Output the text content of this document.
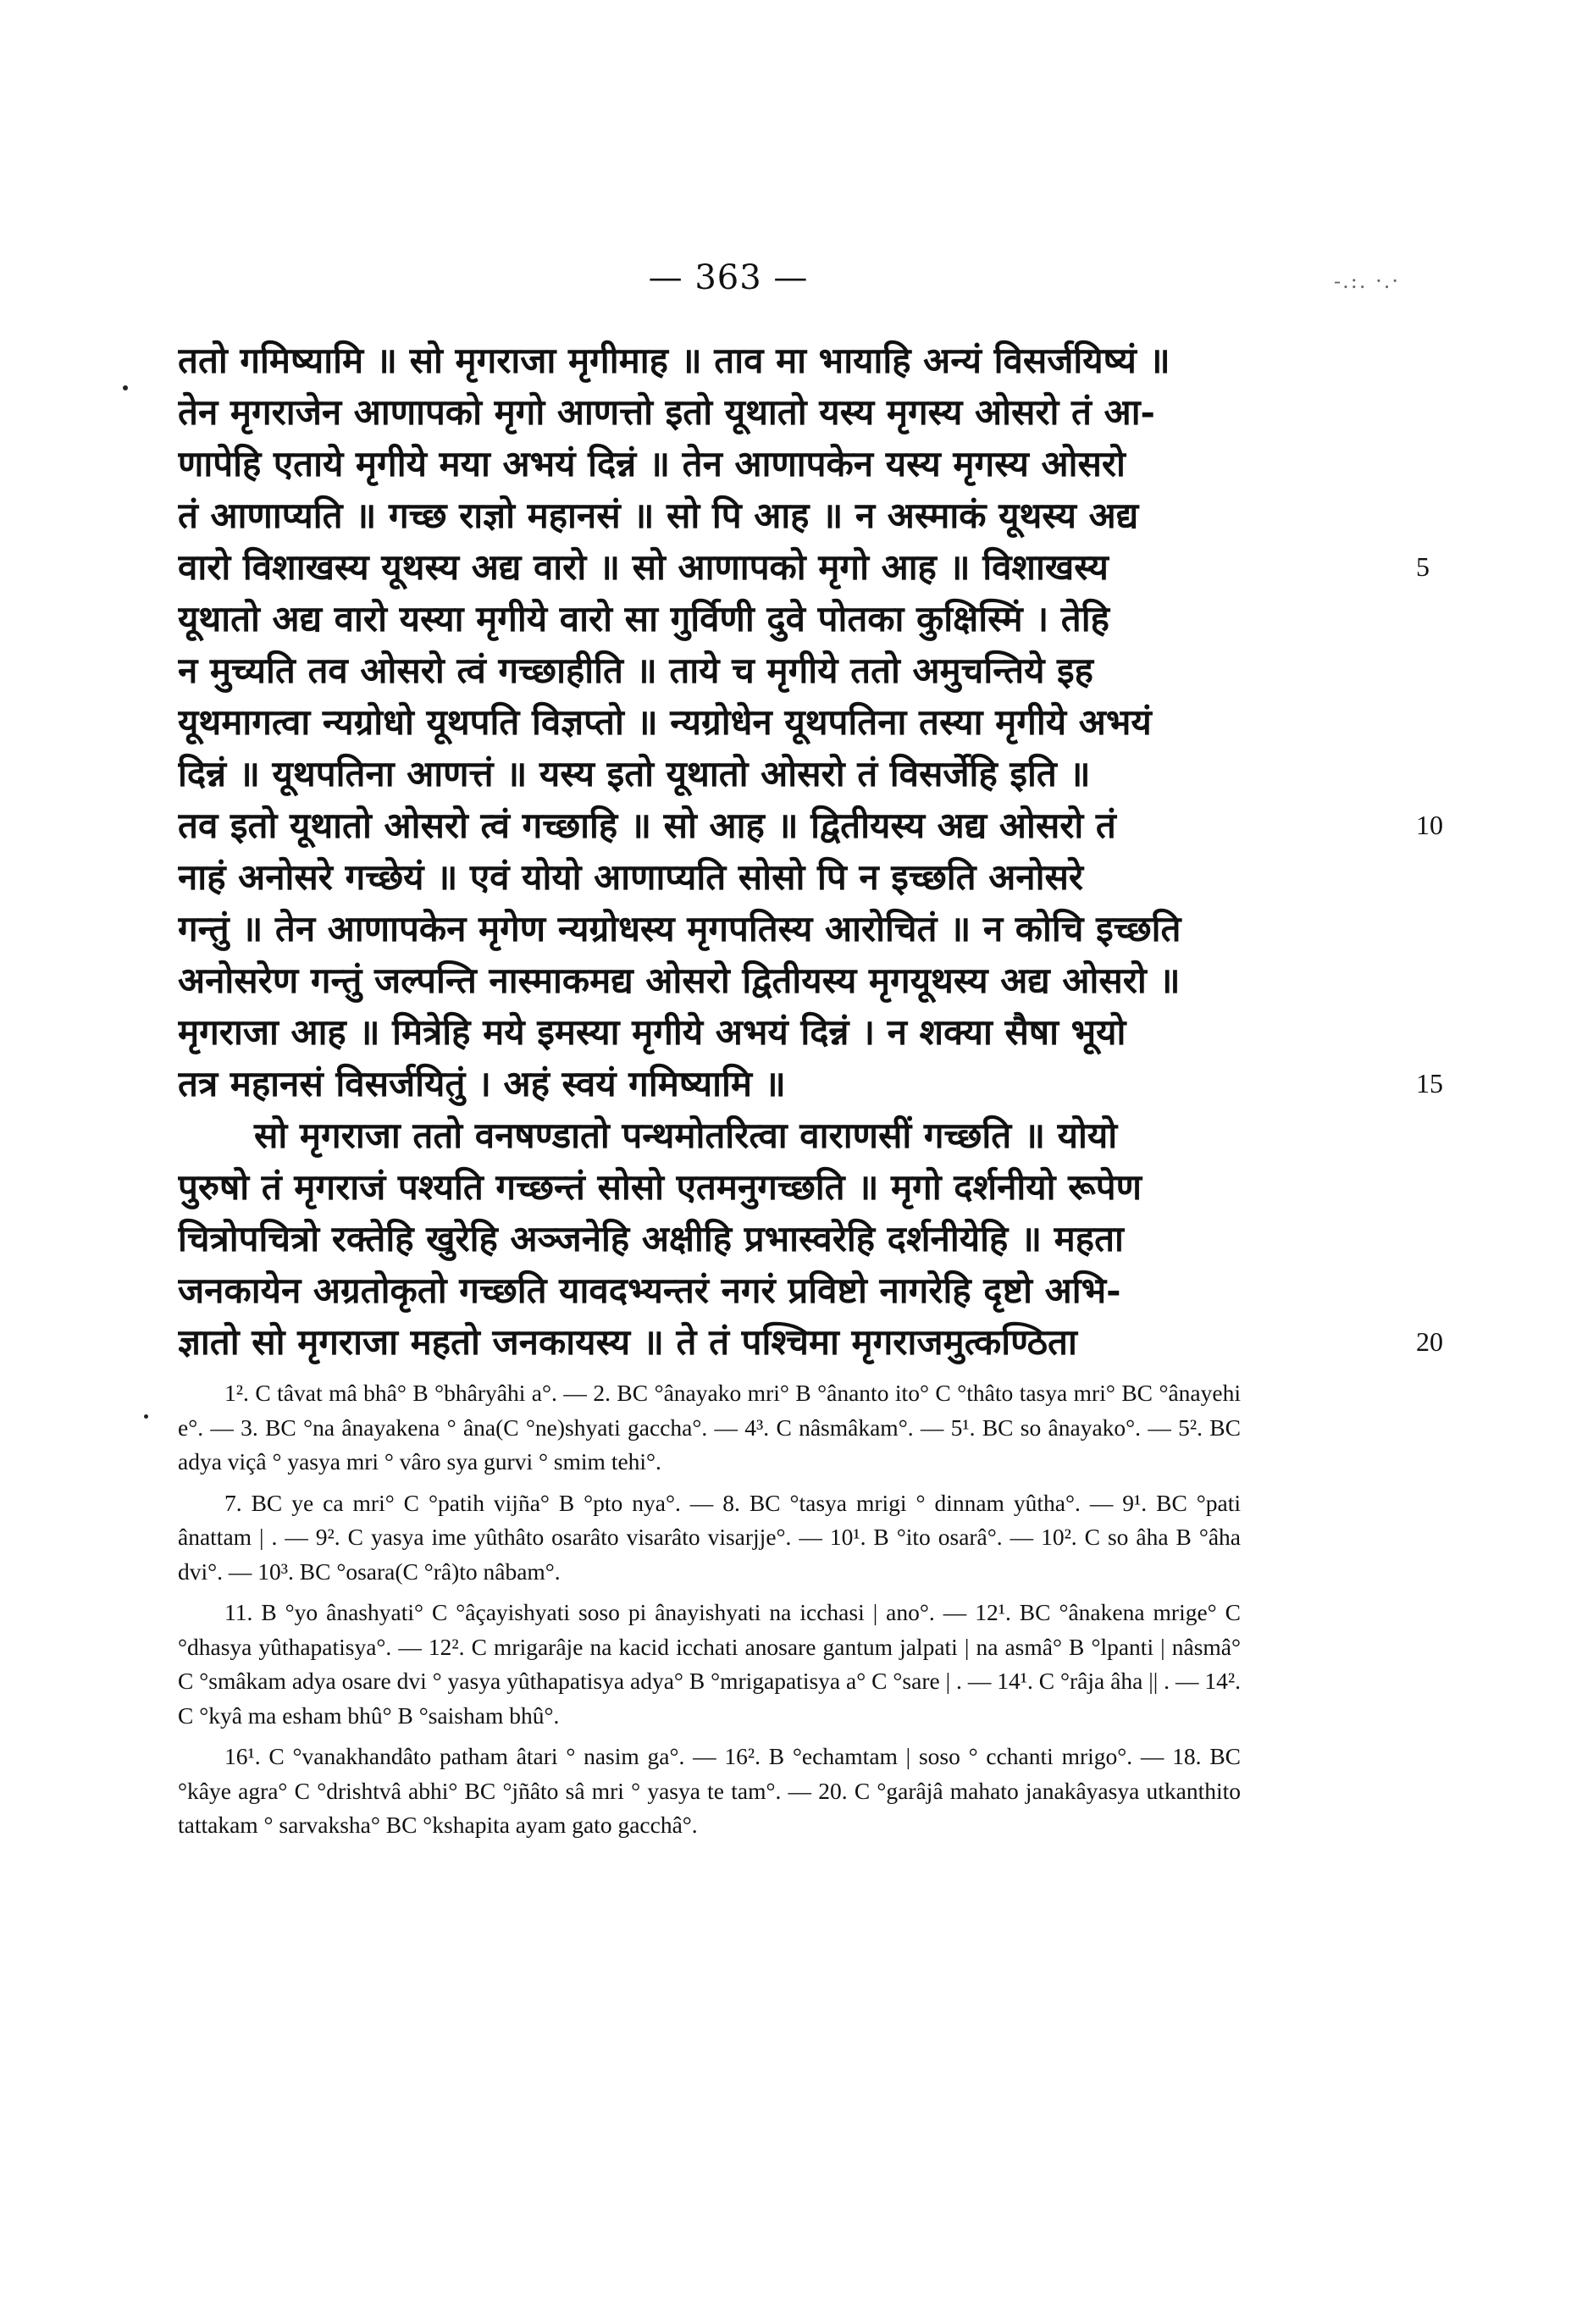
-.:. ·.·
— 363 —
ततो गमिष्यामि ॥ सो मृगराजा मृगीमाह ॥ ताव मा भायाहि अन्यं विसर्जयिष्यं ॥
तेन मृगराजेन आणापको मृगो आणत्तो इतो यूथातो यस्य मृगस्य ओसरो तं आ-
णापेहि एताये मृगीये मया अभयं दिन्नं ॥ तेन आणापकेन यस्य मृगस्य ओसरो
तं आणाप्यति ॥ गच्छ राज्ञो महानसं ॥ सो पि आह ॥ न अस्माकं यूथस्य अद्य
वारो विशाखस्य यूथस्य अद्य वारो ॥ सो आणापको मृगो आह ॥ विशाखस्य
यूथातो अद्य वारो यस्या मृगीये वारो सा गुर्विणी दुवे पोतका कुक्षिस्मिं । तेहि
न मुच्यति तव ओसरो त्वं गच्छाहीति ॥ ताये च मृगीये ततो अमुचन्तिये इह
यूथमागत्वा न्यग्रोधो यूथपति विज्ञप्तो ॥ न्यग्रोधेन यूथपतिना तस्या मृगीये अभयं
दिन्नं ॥ यूथपतिना आणत्तं ॥ यस्य इतो यूथातो ओसरो तं विसर्जेहि इति ॥
तव इतो यूथातो ओसरो त्वं गच्छाहि ॥ सो आह ॥ द्वितीयस्य अद्य ओसरो तं
नाहं अनोसरे गच्छेयं ॥ एवं योयो आणाप्यति सोसो पि न इच्छति अनोसरे
गन्तुं ॥ तेन आणापकेन मृगेण न्यग्रोधस्य मृगपतिस्य आरोचितं ॥ न कोचि इच्छति
अनोसरेण गन्तुं जल्पन्ति नास्माकमद्य ओसरो द्वितीयस्य मृगयूथस्य अद्य ओसरो ॥
मृगराजा आह ॥ मित्रेहि मये इमस्या मृगीये अभयं दिन्नं । न शक्या सैषा भूयो
तत्र महानसं विसर्जयितुं । अहं स्वयं गमिष्यामि ॥
सो मृगराजा ततो वनषण्डातो पन्थमोतरित्वा वाराणसीं गच्छति ॥ योयो
पुरुषो तं मृगराजं पश्यति गच्छन्तं सोसो एतमनुगच्छति ॥ मृगो दर्शनीयो रूपेण
चित्रोपचित्रो रक्तेहि खुरेहि अञ्जनेहि अक्षीहि प्रभास्वरेहि दर्शनीयेहि ॥ महता
जनकायेन अग्रतोकृतो गच्छति यावदभ्यन्तरं नगरं प्रविष्टो नागरेहि दृष्टो अभि-
ज्ञातो सो मृगराजा महतो जनकायस्य ॥ ते तं पश्चिमा मृगराजमुत्कण्ठिता
5
10
15
20

1². C tâvat mâ bhâ° B °bhâryâhi a°. — 2. BC °ânayako mri° B °ânanto ito° C °thâto tasya mri° BC °ânayehi e°. — 3. BC °na ânayakena ° âna(C °ne)shyati gaccha°. — 4³. C nâsmâkam°. — 5¹. BC so ânayako°. — 5². BC adya viçâ ° yasya mri ° vâro sya gurvi ° smim tehi°.

7. BC ye ca mri° C °patih vijña° B °pto nya°. — 8. BC °tasya mrigi ° dinnam yûtha°. — 9¹. BC °pati ânattam | . — 9². C yasya ime yûthâto osarâto visarâto visarjje°. — 10¹. B °ito osarâ°. — 10². C so âha B °âha dvi°. — 10³. BC °osara(C °râ)to nâbam°.

11. B °yo ânashyati° C °âçayishyati soso pi ânayishyati na icchasi | ano°. — 12¹. BC °ânakena mrige° C °dhasya yûthapatisya°. — 12². C mrigarâje na kacid icchati anosare gantum jalpati | na asmâ° B °lpanti | nâsmâ° C °smâkam adya osare dvi ° yasya yûthapatisya adya° B °mrigapatisya a° C °sare | . — 14¹. C °râja âha || . — 14². C °kyâ ma esham bhû° B °saisham bhû°.

16¹. C °vanakhandâto patham âtari ° nasim ga°. — 16². B °echamtam | soso ° cchanti mrigo°. — 18. BC °kâye agra° C °drishtvâ abhi° BC °jñâto sâ mri ° yasya te tam°. — 20. C °garâjâ mahato janakâyasya utkanthito tattakam ° sarvaksha° BC °kshapita ayam gato gacchâ°.
